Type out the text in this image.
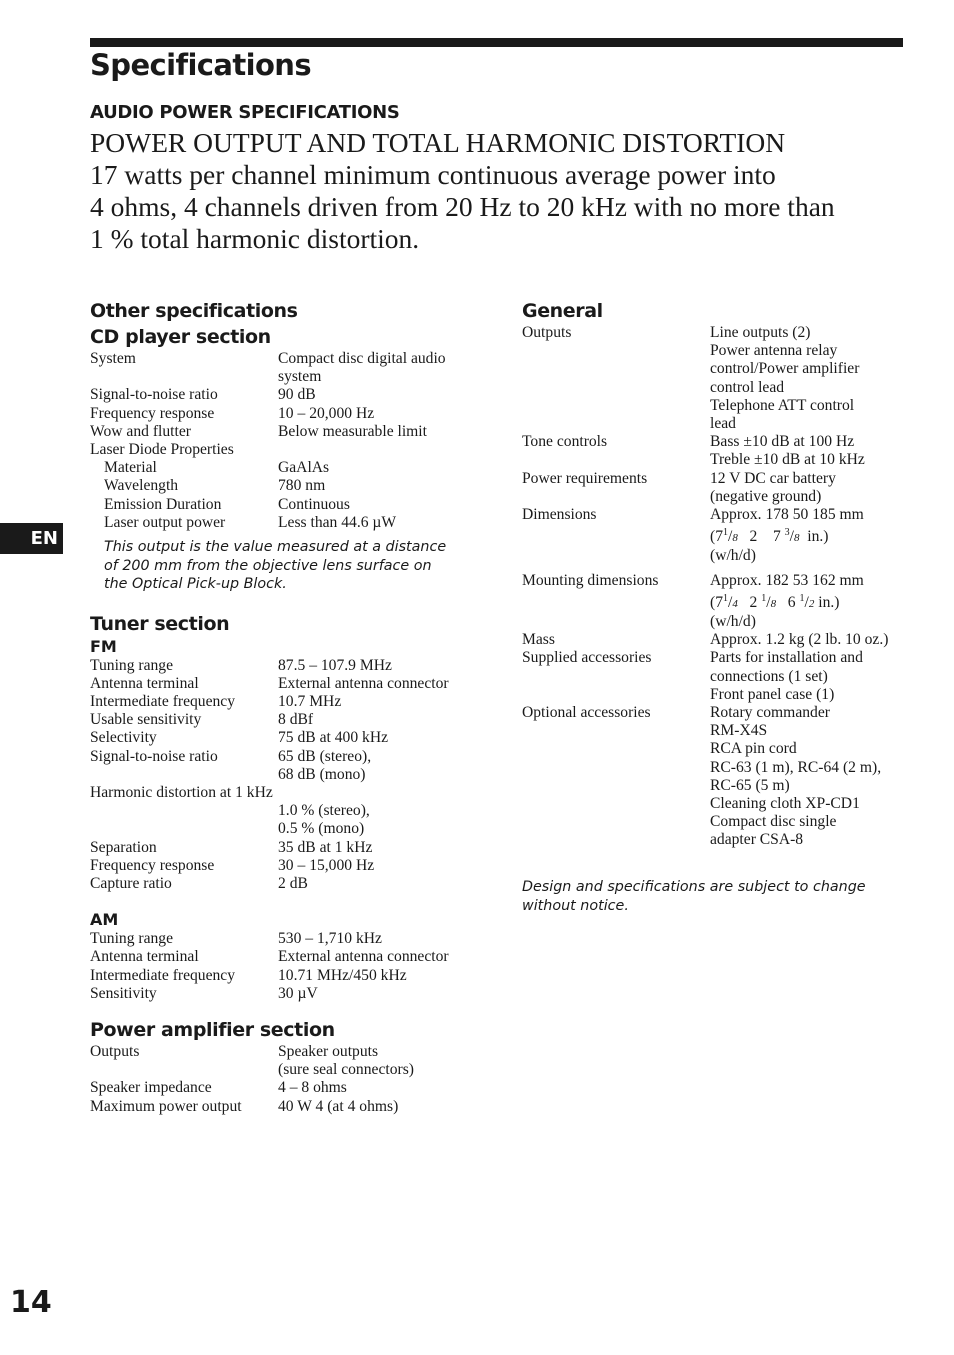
Specifications
AUDIO POWER SPECIFICATIONS
POWER OUTPUT AND TOTAL HARMONIC DISTORTION
17 watts per channel minimum continuous average power into
4 ohms, 4 channels driven from 20 Hz to 20 kHz with no more than
1 % total harmonic distortion.
Other specifications
CD player section
System	Compact disc digital audio
system
Signal-to-noise ratio	90 dB
Frequency response	10 – 20,000 Hz
Wow and flutter	Below measurable limit
Laser Diode Properties
Material	GaAlAs
Wavelength	780 nm
Emission Duration	Continuous
Laser output power	Less than 44.6 µW
This output is the value measured at a distance
of 200 mm from the objective lens surface on
the Optical Pick-up Block.
Tuner section
FM
Tuning range	87.5 – 107.9 MHz
Antenna terminal	External antenna connector
Intermediate frequency	10.7 MHz
Usable sensitivity	8 dBf
Selectivity	75 dB at 400 kHz
Signal-to-noise ratio	65 dB (stereo),
68 dB (mono)
Harmonic distortion at 1 kHz
1.0 % (stereo),
0.5 % (mono)
Separation	35 dB at 1 kHz
Frequency response	30 – 15,000 Hz
Capture ratio	2 dB
AM
Tuning range	530 – 1,710 kHz
Antenna terminal	External antenna connector
Intermediate frequency	10.71 MHz/450 kHz
Sensitivity	30 µV
Power amplifier section
Outputs	Speaker outputs
(sure seal connectors)
Speaker impedance	4 – 8 ohms
Maximum power output	40 W 4 (at 4 ohms)
General
Outputs	Line outputs (2)
Power antenna relay
control/Power amplifier
control lead
Telephone ATT control
lead
Tone controls	Bass ±10 dB at 100 Hz
Treble ±10 dB at 10 kHz
Power requirements	12 V DC car battery
(negative ground)
Dimensions	Approx. 178 50 185 mm
($7^1/8$ 2 7 $^3$/8 in.)
(w/h/d)
Mounting dimensions	Approx. 182 53 162 mm
($7^1/4$ 2 $^1$/8 6 $^1$/2 in.)
(w/h/d)
Mass	Approx. 1.2 kg (2 lb. 10 oz.)
Supplied accessories	Parts for installation and
connections (1 set)
Front panel case (1)
Optional accessories	Rotary commander
RM-X4S
RCA pin cord
RC-63 (1 m), RC-64 (2 m),
RC-65 (5 m)
Cleaning cloth XP-CD1
Compact disc single
adapter CSA-8
Design and specifications are subject to change
without notice.
EN
14
